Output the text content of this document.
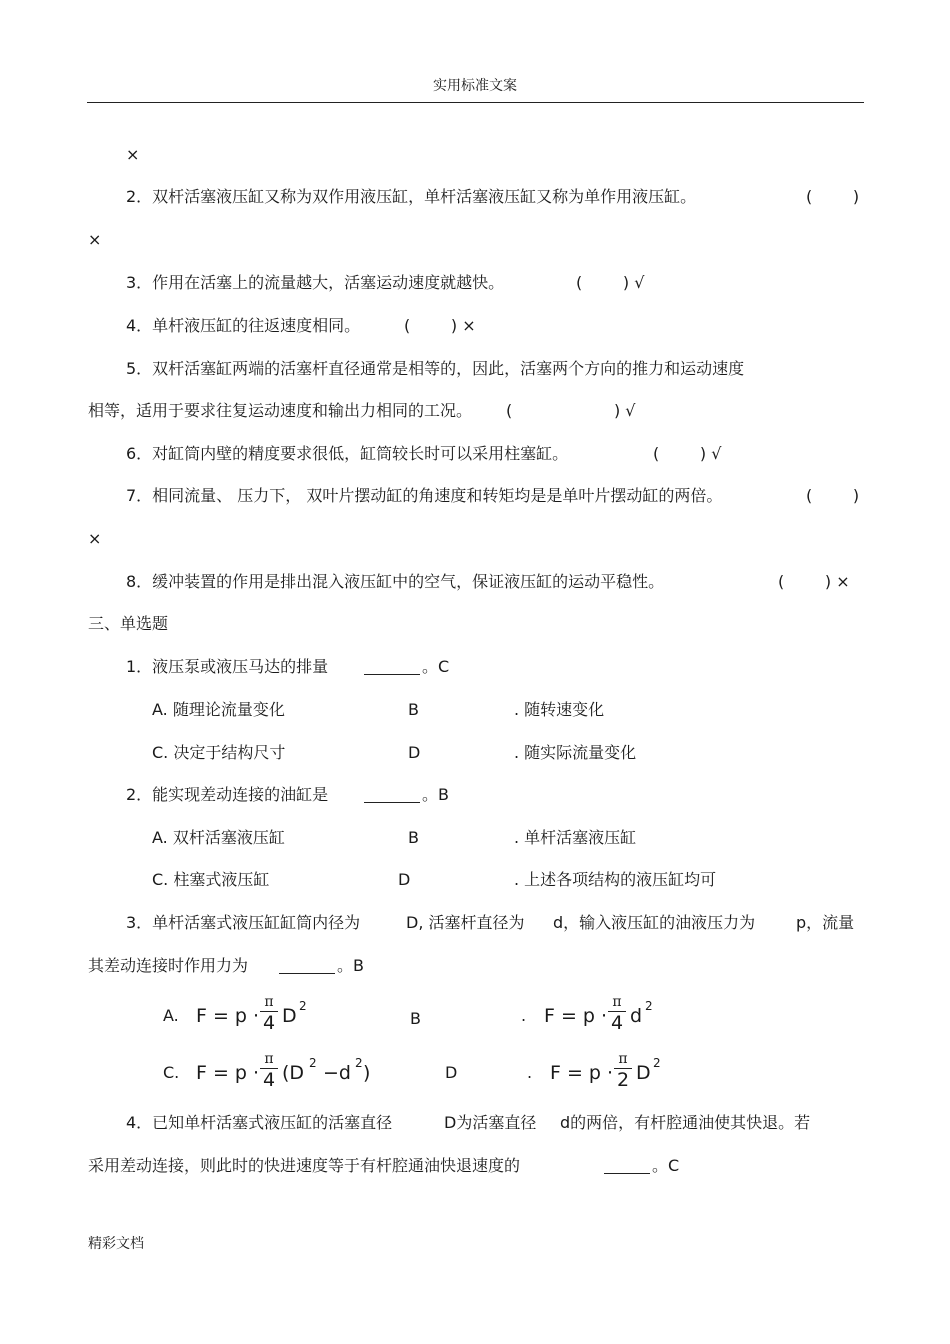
实用标准文案
×
2．双杆活塞液压缸又称为双作用液压缸，单杆活塞液压缸又称为单作用液压缸。	(        )
×
3．作用在活塞上的流量越大，活塞运动速度就越快。	(        ) √
4．单杆液压缸的往返速度相同。	(        ) ×
5．双杆活塞缸两端的活塞杆直径通常是相等的，因此，活塞两个方向的推力和运动速度
相等，适用于要求往复运动速度和输出力相同的工况。 (                    ) √
6．对缸筒内壁的精度要求很低，缸筒较长时可以采用柱塞缸。	(        ) √
7．相同流量、 压力下， 双叶片摆动缸的角速度和转矩均是是单叶片摆动缸的两倍。	(        )
×
8．缓冲装置的作用是排出混入液压缸中的空气，保证液压缸的运动平稳性。	(        ) ×
三、单选题
1．液压泵或液压马达的排量	。C
A. 随理论流量变化	B	. 随转速变化
C. 决定于结构尺寸	D	. 随实际流量变化
2．能实现差动连接的油缸是	。B
A. 双杆活塞液压缸	B	. 单杆活塞液压缸
C. 柱塞式液压缸	D	. 上述各项结构的液压缸均可
3．单杆活塞式液压缸缸筒内径为	D, 活塞杆直径为 d，输入液压缸的油液压力为	p，流量
其差动连接时作用力为	。B
A. F = p ·
π
4 D 2
B	. F = p ·
π
4 d 2
C. F = p ·
π
4 (D 2 −d 2 )	D	. F = p ·
π
2 D 2
4．已知单杆活塞式液压缸的活塞直径	D为活塞直径 d的两倍，有杆腔通油使其快退。若
采用差动连接，则此时的快进速度等于有杆腔通油快退速度的	。C
精彩文档
